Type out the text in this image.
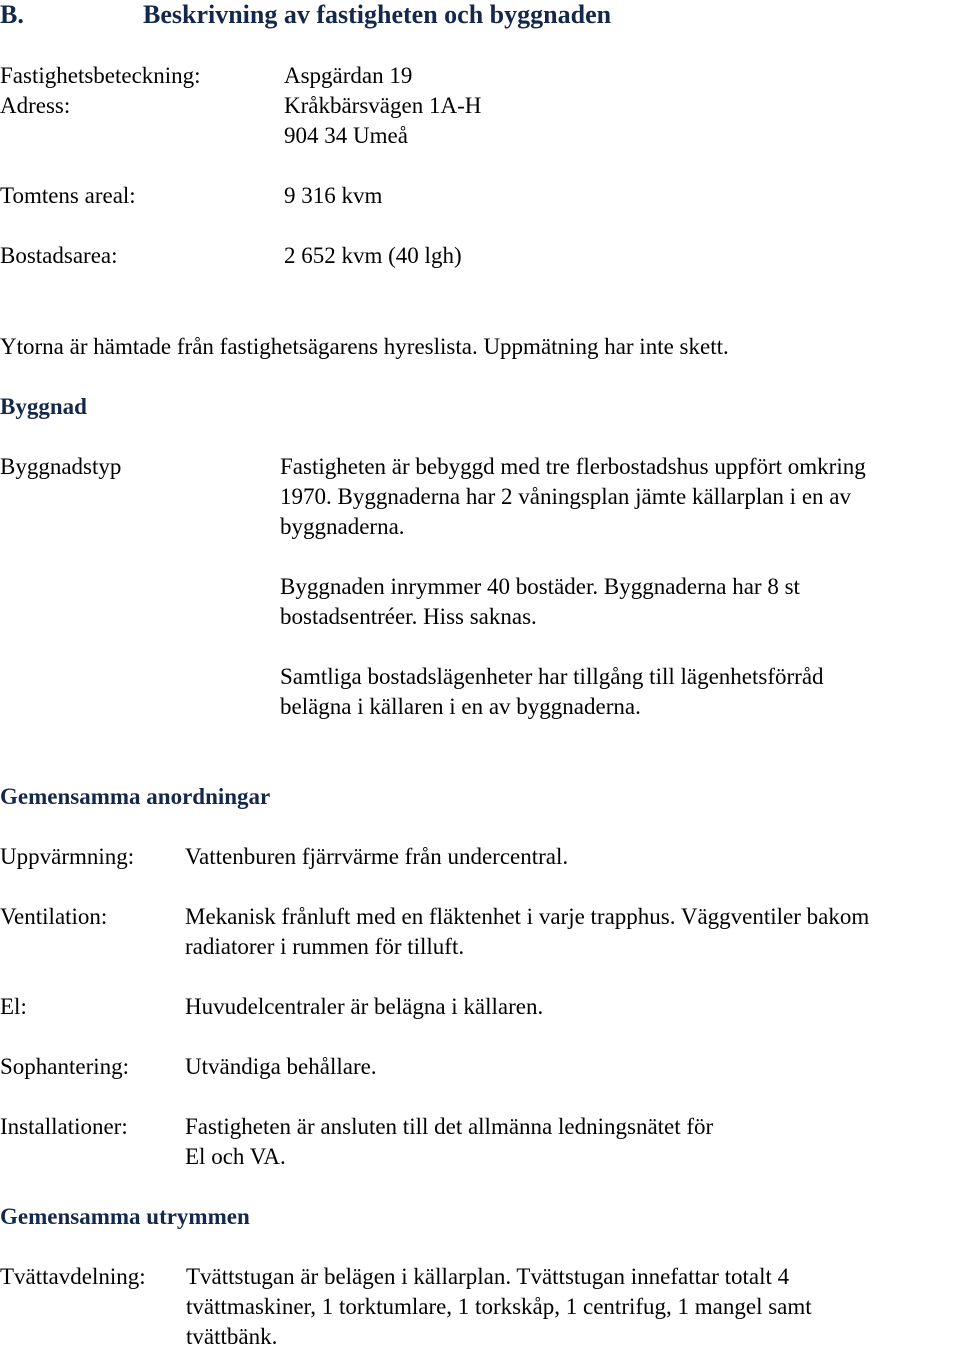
B.	Beskrivning av fastigheten och byggnaden
Fastighetsbeteckning:	Aspgärdan 19
Adress:	Kråkbärsvägen 1A-H
904 34 Umeå
Tomtens areal:	9 316 kvm
Bostadsarea:	2 652 kvm (40 lgh)
Ytorna är hämtade från fastighetsägarens hyreslista. Uppmätning har inte skett.
Byggnad
Byggnadstyp	Fastigheten är bebyggd med tre flerbostadshus uppfört omkring
1970. Byggnaderna har 2 våningsplan jämte källarplan i en av
byggnaderna.
Byggnaden inrymmer 40 bostäder. Byggnaderna har 8 st
bostadsentréer. Hiss saknas.
Samtliga bostadslägenheter har tillgång till lägenhetsförråd
belägna i källaren i en av byggnaderna.
Gemensamma anordningar
Uppvärmning: Vattenburen fjärrvärme från undercentral.
Ventilation:	Mekanisk frånluft med en fläktenhet i varje trapphus. Väggventiler bakom
radiatorer i rummen för tilluft.
El:	Huvudelcentraler är belägna i källaren.
Sophantering: Utvändiga behållare.
Installationer: Fastigheten är ansluten till det allmänna ledningsnätet för
El och VA.
Gemensamma utrymmen
Tvättavdelning: Tvättstugan är belägen i källarplan. Tvättstugan innefattar totalt 4
tvättmaskiner, 1 torktumlare, 1 torkskåp, 1 centrifug, 1 mangel samt
tvättbänk.
